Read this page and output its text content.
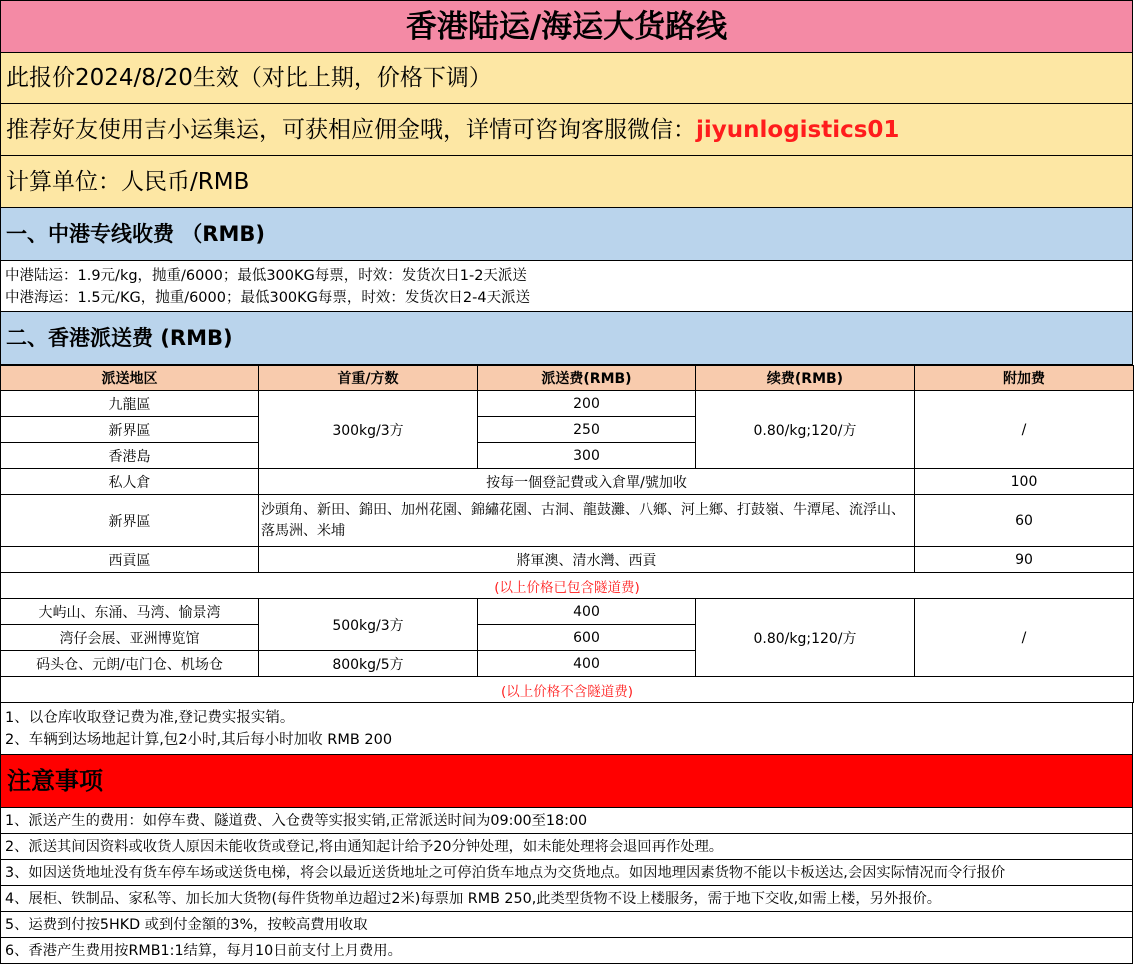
香港陆运/海运大货路线
此报价2024/8/20生效（对比上期，价格下调）
推荐好友使用吉小运集运，可获相应佣金哦，详情可咨询客服微信：jiyunlogistics01
计算单位：人民币/RMB
一、中港专线收费 （RMB)
中港陆运：1.9元/kg，抛重/6000；最低300KG每票，时效：发货次日1-2天派送
中港海运：1.5元/KG，抛重/6000；最低300KG每票，时效：发货次日2-4天派送
二、香港派送费 (RMB)
派送地区	首重/方数	派送费(RMB)	续费(RMB)	附加费
九龍區	300kg/3方	200	0.80/kg;120/方	/
新界區		250		
香港島		300		
私人倉	按每一個登記費或入倉單/號加收			100
新界區	沙頭角、新田、錦田、加州花園、錦繡花園、古洞、龍鼓灘、八鄉、河上鄉、打鼓嶺、牛潭尾、流浮山、落馬洲、米埔			60
西貢區	將軍澳、清水灣、西貢			90
(以上价格已包含隧道费)				
大屿山、东涌、马湾、愉景湾	500kg/3方	400	0.80/kg;120/方	/
湾仔会展、亚洲博览馆		600		
码头仓、元朗/屯门仓、机场仓	800kg/5方	400		
(以上价格不含隧道费)				
1、以仓库收取登记费为准,登记费实报实销。
2、车辆到达场地起计算,包2小时,其后每小时加收 RMB 200
注意事项
1、派送产生的费用：如停车费、隧道费、入仓费等实报实销,正常派送时间为09:00至18:00
2、派送其间因资料或收货人原因未能收货或登记,将由通知起计给予20分钟处理，如未能处理将会退回再作处理。
3、如因送货地址没有货车停车场或送货电梯，将会以最近送货地址之可停泊货车地点为交货地点。如因地理因素货物不能以卡板送达,会因实际情况而令行报价
4、展柜、铁制品、家私等、加长加大货物(每件货物单边超过2米)每票加 RMB 250,此类型货物不设上楼服务，需于地下交收,如需上楼，另外报价。
5、运费到付按5HKD 或到付金額的3%，按較高費用收取
6、香港产生费用按RMB1:1结算，每月10日前支付上月费用。
